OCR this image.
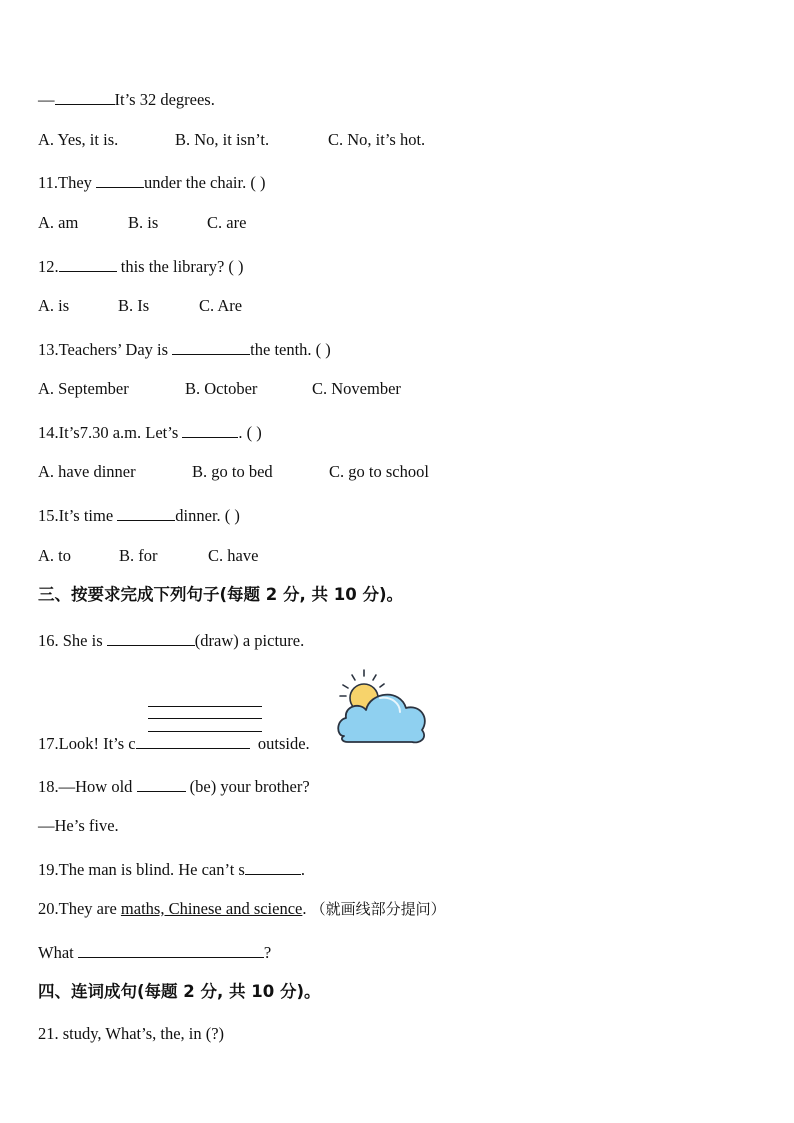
—	It’s 32 degrees.
A. Yes, it is.	B. No, it isn’t.	C. No, it’s hot.
11.They	under the chair. ( )
A. am	B. is	C. are
12.	this the library? ( )
A. is	B. Is	C. Are
13.Teachers’ Day is	the tenth. ( )
A. September	B. October	C. November
14.It’s7.30 a.m. Let’s	. ( )
A. have dinner	B. go to bed	C. go to school
15.It’s time	dinner. ( )
A. to	B. for	C. have
三、按要求完成下列句子(每题 2 分, 共 10 分)。
16. She is	(draw) a picture.
17.Look! It’s c	outside.
18.—How old	(be) your brother?
—He’s five.
19.The man is blind. He can’t s	.
20.They are maths, Chinese and science. （就画线部分提问）
What	?
四、连词成句(每题 2 分, 共 10 分)。
21. study, What’s, the, in (?)
